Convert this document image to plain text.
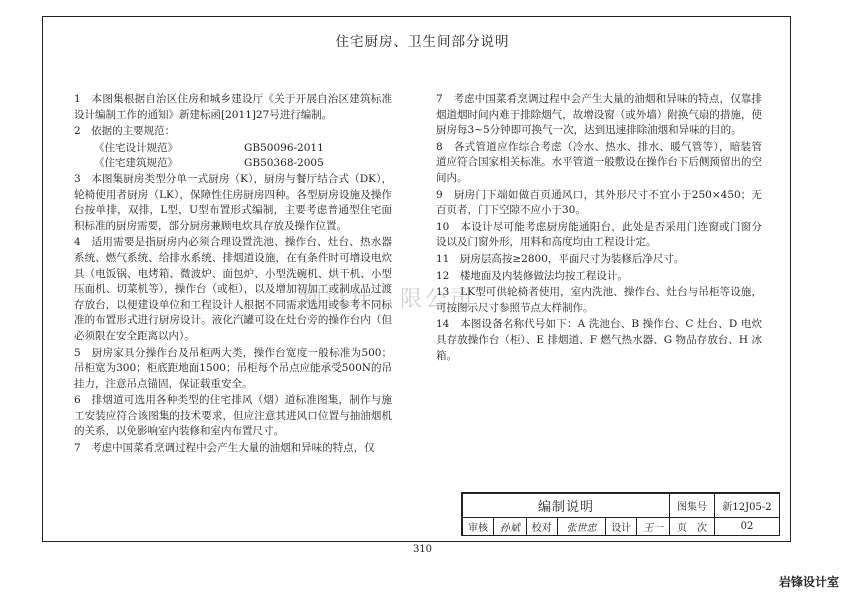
住宅厨房、卫生间部分说明

1　本图集根据自治区住房和城乡建设厅《关于开展自治区建筑标准设计编制工作的通知》新建标函[2011]27号进行编制。

2　依据的主要规范：

《住宅设计规范》	GB50096-2011
《住宅建筑规范》	GB50368-2005

3　本图集厨房类型分单一式厨房（K），厨房与餐厅结合式（DK），轮椅使用者厨房（LK），保障性住房厨房四种。各型厨房设施及操作台按单排，双排，L型，U型布置形式编制，主要考虑普通型住宅面积标准的厨房需要，部分厨房兼顾电炊具存放及操作位置。

4　适用需要是指厨房内必须合理设置洗池、操作台、灶台、热水器系统、燃气系统、给排水系统、排烟道设施，在有条件时可增设电炊具（电饭锅、电烤箱、微波炉、面包炉、小型洗碗机、烘干机、小型压面机、切菜机等），操作台（或柜），以及增加初加工或制成品过渡存放台，以便建设单位和工程设计人根据不同需求选用或参考不同标准的布置形式进行厨房设计。液化汽罐可设在灶台旁的操作台内（但必须限在安全距离以内）。

5　厨房家具分操作台及吊柜两大类，操作台宽度一般标准为500；吊柜宽为300；柜底距地面1500；吊柜每个吊点应能承受500N的吊挂力，注意吊点锚固，保证载重安全。

6　排烟道可选用各种类型的住宅排风（烟）道标准图集，制作与施工安装应符合该图集的技术要求，但应注意其进风口位置与抽油烟机的关系，以免影响室内装修和室内布置尺寸。

7　考虑中国菜肴烹调过程中会产生大量的油烟和异味的特点，仅

7　考虑中国菜肴烹调过程中会产生大量的油烟和异味的特点，仅靠排烟道烟时间内难于排除烟气，故增设窗（或外墙）附换气扇的措施，使厨房每3~5分钟即可换气一次，达到迅速排除油烟和异味的目的。

8　各式管道应作综合考虑（冷水、热水、排水、暖气管等），暗装管道应符合国家相关标准。水平管道一般敷设在操作台下后侧预留出的空间内。

9　厨房门下端如做百页通风口，其外形尺寸不宜小于250×450；无百页者，门下空隙不应小于30。

10　本设计尽可能考虑厨房能通阳台，此处是否采用门连窗或门窗分设以及门窗外形，用料和高度均由工程设计定。

11　厨房层高按≥2800，平面尺寸为装修后净尺寸。

12　楼地面及内装修做法均按工程设计。

13　LK型可供轮椅者使用，室内洗池、操作台、灶台与吊柜等设施，可按图示尺寸参照节点大样制作。

14　本图设备名称代号如下：A 洗池台、B 操作台、C 灶台、D 电炊具存放操作台（柜）、E 排烟道、F 燃气热水器、G 物品存放台、H 冰箱。

划设计　限公司
编制说明						图集号	新12J05-2
审核	孙斌	校对	张世忠	设计	王一	页　次	02
310
岩锋设计室
